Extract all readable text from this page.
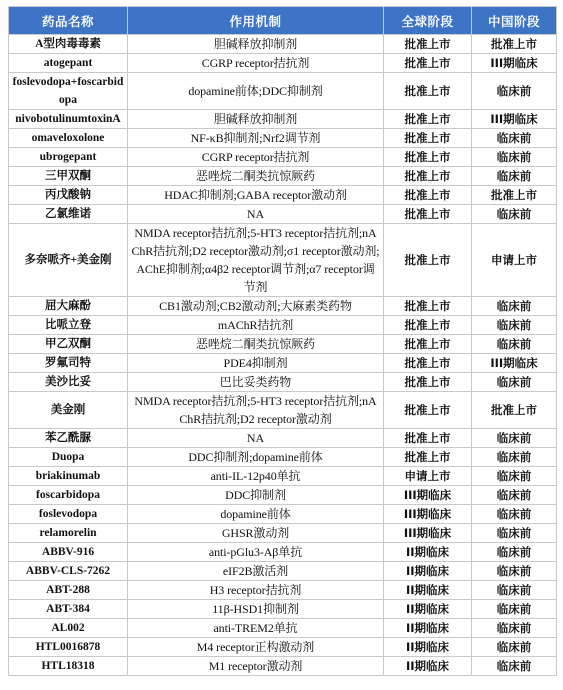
药品名称	作用机制	全球阶段	中国阶段
A型肉毒毒素	胆碱释放抑制剂	批准上市	批准上市
atogepant	CGRP receptor拮抗剂	批准上市	III期临床
foslevodopa+foscarbidopa	dopamine前体;DDC抑制剂	批准上市	临床前
nivobotulinumtoxinA	胆碱释放抑制剂	批准上市	III期临床
omaveloxolone	NF-κB抑制剂;Nrf2调节剂	批准上市	临床前
ubrogepant	CGRP receptor拮抗剂	批准上市	临床前
三甲双酮	恶唑烷二酮类抗惊厥药	批准上市	临床前
丙戊酸钠	HDAC抑制剂;GABA receptor激动剂	批准上市	批准上市
乙氯维诺	NA	批准上市	临床前
多奈哌齐+美金刚	NMDA receptor拮抗剂;5-HT3 receptor拮抗剂;nAChR拮抗剂;D2 receptor激动剂;σ1 receptor激动剂;AChE抑制剂;α4β2 receptor调节剂;α7 receptor调节剂	批准上市	申请上市
屈大麻酚	CB1激动剂;CB2激动剂;大麻素类药物	批准上市	临床前
比哌立登	mAChR拮抗剂	批准上市	临床前
甲乙双酮	恶唑烷二酮类抗惊厥药	批准上市	临床前
罗氟司特	PDE4抑制剂	批准上市	III期临床
美沙比妥	巴比妥类药物	批准上市	临床前
美金刚	NMDA receptor拮抗剂;5-HT3 receptor拮抗剂;nAChR拮抗剂;D2 receptor激动剂	批准上市	批准上市
苯乙酰脲	NA	批准上市	临床前
Duopa	DDC抑制剂;dopamine前体	批准上市	临床前
briakinumab	anti-IL-12p40单抗	申请上市	临床前
foscarbidopa	DDC抑制剂	III期临床	临床前
foslevodopa	dopamine前体	III期临床	临床前
relamorelin	GHSR激动剂	III期临床	临床前
ABBV-916	anti-pGlu3-Aβ单抗	II期临床	临床前
ABBV-CLS-7262	eIF2B激活剂	II期临床	临床前
ABT-288	H3 receptor拮抗剂	II期临床	临床前
ABT-384	11β-HSD1抑制剂	II期临床	临床前
AL002	anti-TREM2单抗	II期临床	临床前
HTL0016878	M4 receptor正构激动剂	II期临床	临床前
HTL18318	M1 receptor激动剂	II期临床	临床前
